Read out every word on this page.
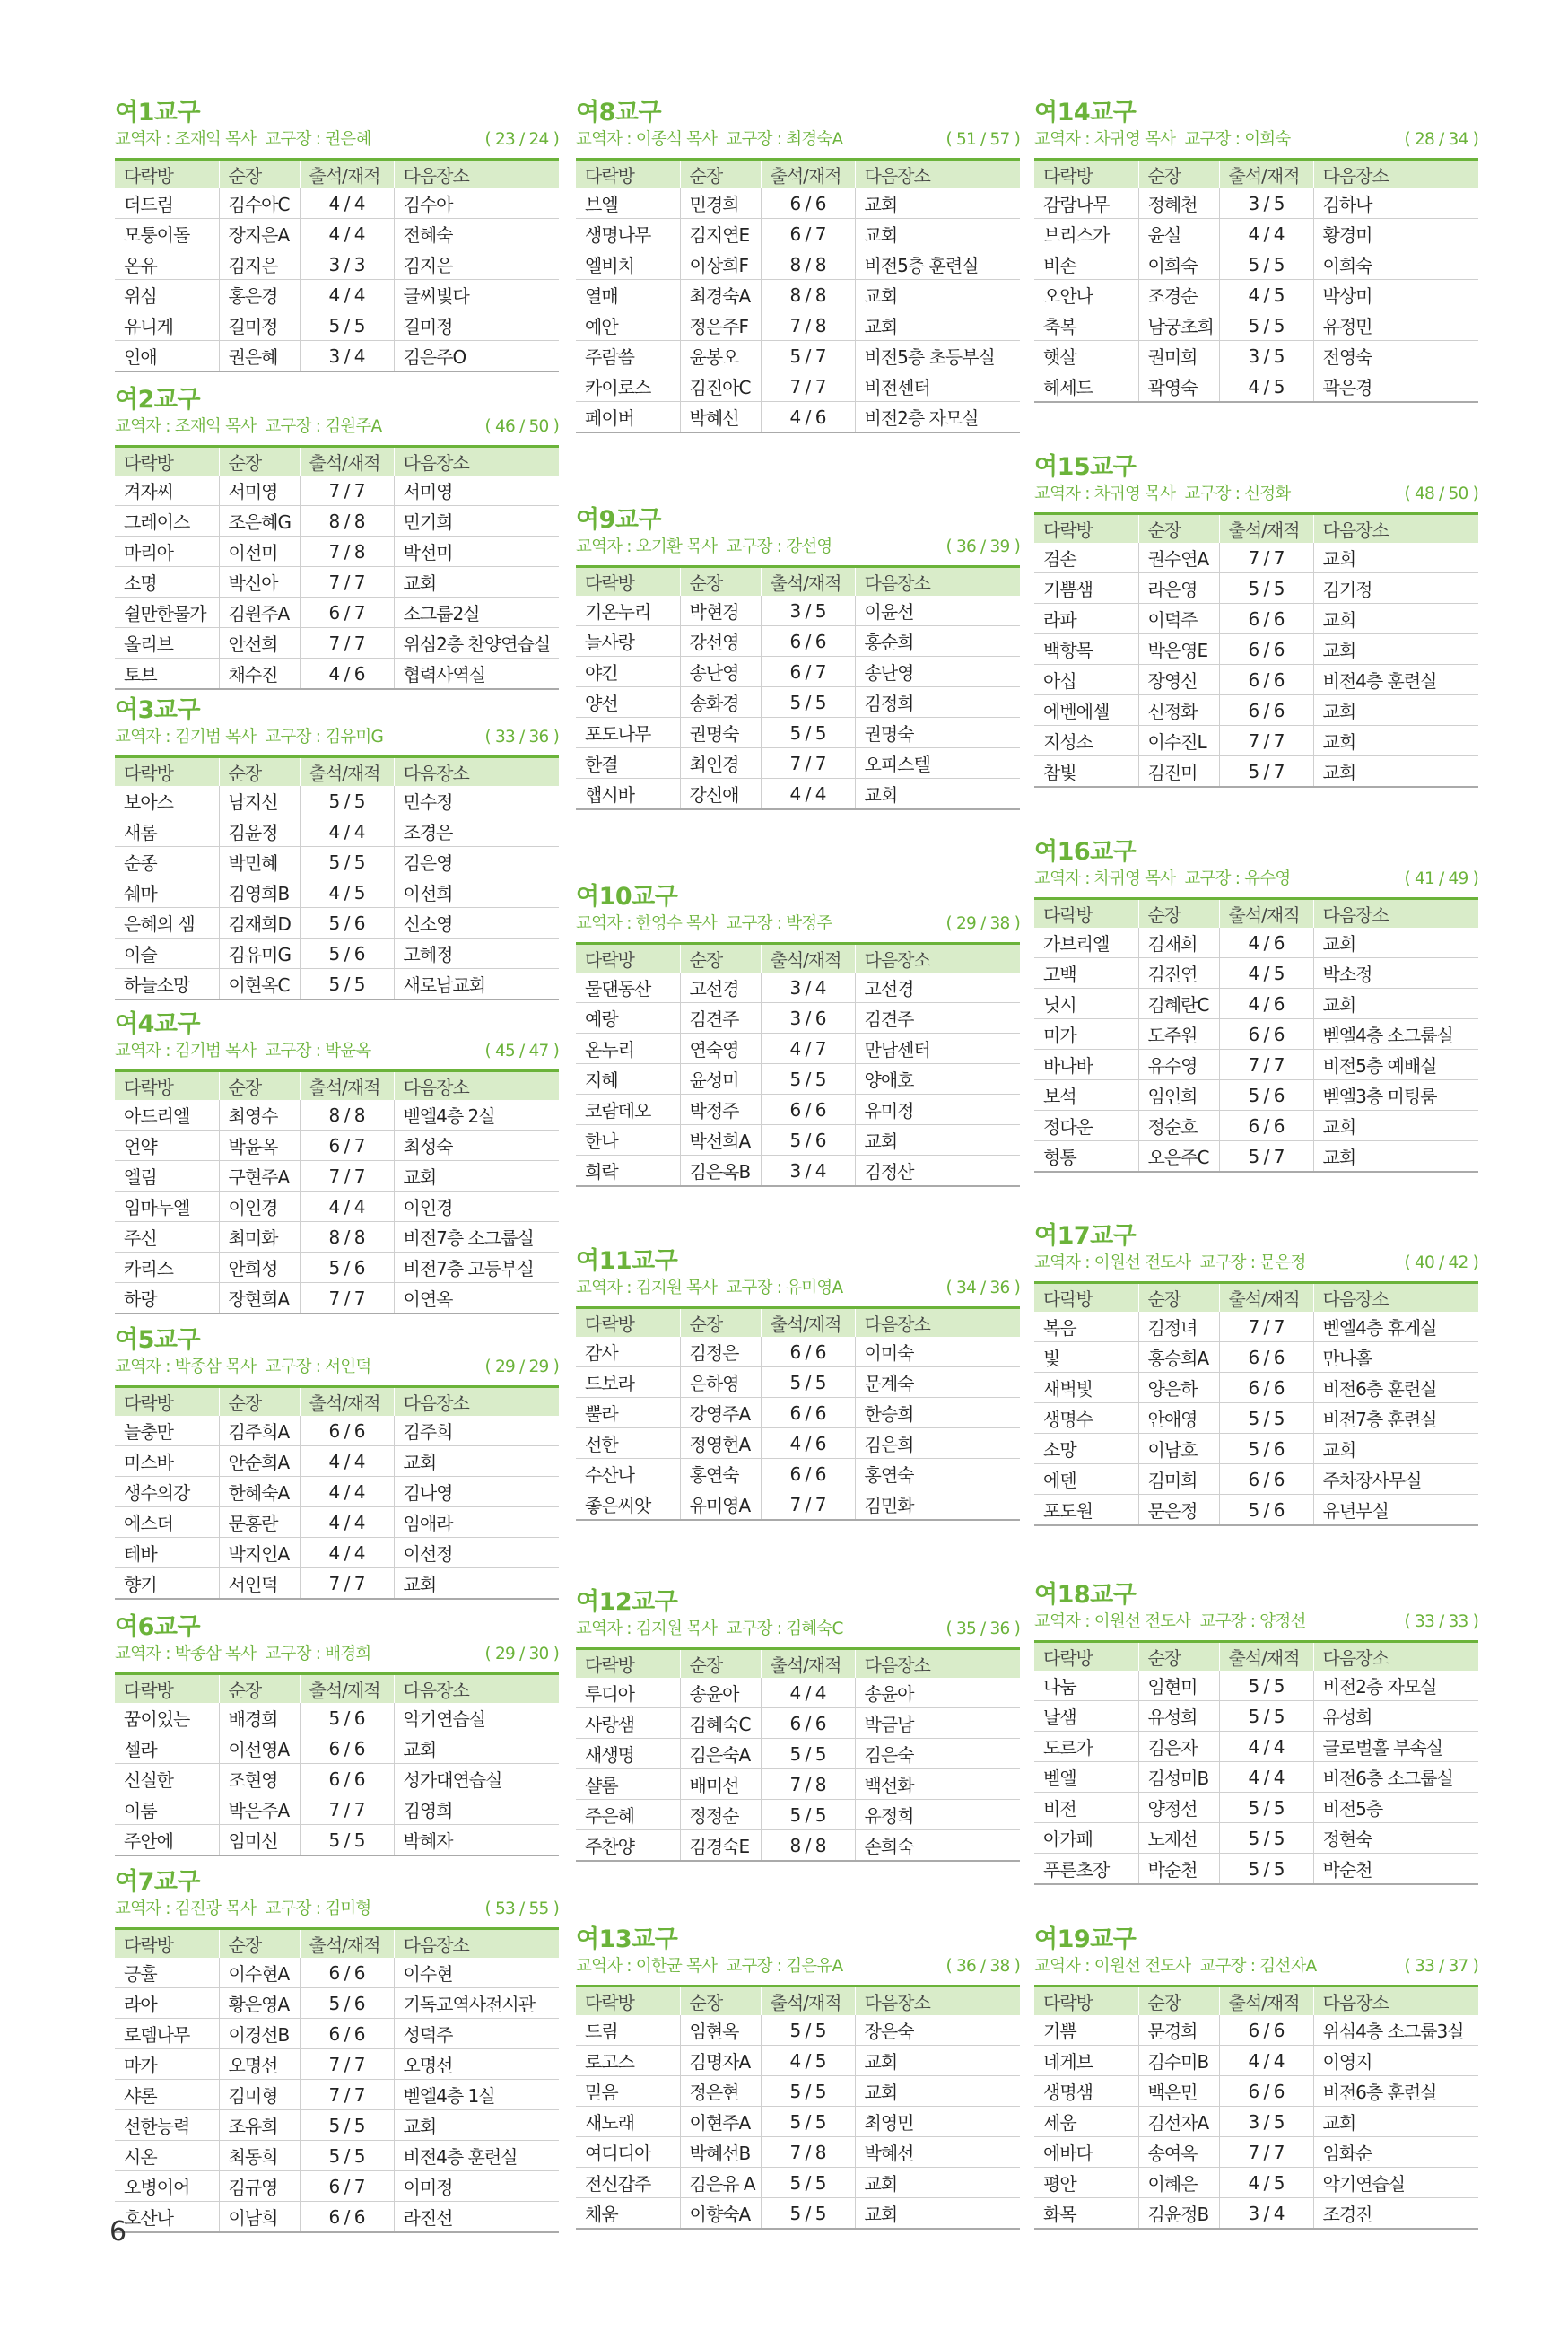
여1교구
교역자 : 조재익 목사 교구장 : 권은혜	( 23 / 24 )
다락방	순장	출석/재적	다음장소
더드림	김수아C	4 / 4	김수아
모퉁이돌	장지은A	4 / 4	전혜숙
온유	김지은	3 / 3	김지은
위심	홍은경	4 / 4	글씨빛다
유니게	길미정	5 / 5	길미정
인애	권은혜	3 / 4	김은주O
여2교구
교역자 : 조재익 목사 교구장 : 김원주A	( 46 / 50 )
다락방	순장	출석/재적	다음장소
겨자씨	서미영	7 / 7	서미영
그레이스	조은혜G	8 / 8	민기희
마리아	이선미	7 / 8	박선미
소명	박신아	7 / 7	교회
쉴만한물가	김원주A	6 / 7	소그룹2실
올리브	안선희	7 / 7	위심2층 찬양연습실
토브	채수진	4 / 6	협력사역실
여3교구
교역자 : 김기범 목사 교구장 : 김유미G	( 33 / 36 )
다락방	순장	출석/재적	다음장소
보아스	남지선	5 / 5	민수정
새롬	김윤정	4 / 4	조경은
순종	박민혜	5 / 5	김은영
쉐마	김영희B	4 / 5	이선희
은혜의 샘	김재희D	5 / 6	신소영
이슬	김유미G	5 / 6	고혜정
하늘소망	이현옥C	5 / 5	새로남교회
여4교구
교역자 : 김기범 목사 교구장 : 박윤옥	( 45 / 47 )
다락방	순장	출석/재적	다음장소
아드리엘	최영수	8 / 8	벧엘4층 2실
언약	박윤옥	6 / 7	최성숙
엘림	구현주A	7 / 7	교회
임마누엘	이인경	4 / 4	이인경
주신	최미화	8 / 8	비전7층 소그룹실
카리스	안희성	5 / 6	비전7층 고등부실
하랑	장현희A	7 / 7	이연옥
여5교구
교역자 : 박종삼 목사 교구장 : 서인덕	( 29 / 29 )
다락방	순장	출석/재적	다음장소
늘충만	김주희A	6 / 6	김주희
미스바	안순희A	4 / 4	교회
생수의강	한혜숙A	4 / 4	김나영
에스더	문홍란	4 / 4	임애라
테바	박지인A	4 / 4	이선정
향기	서인덕	7 / 7	교회
여6교구
교역자 : 박종삼 목사 교구장 : 배경희	( 29 / 30 )
다락방	순장	출석/재적	다음장소
꿈이있는	배경희	5 / 6	악기연습실
셀라	이선영A	6 / 6	교회
신실한	조현영	6 / 6	성가대연습실
이룸	박은주A	7 / 7	김영희
주안에	임미선	5 / 5	박혜자
여7교구
교역자 : 김진광 목사 교구장 : 김미형	( 53 / 55 )
다락방	순장	출석/재적	다음장소
긍휼	이수현A	6 / 6	이수현
라아	황은영A	5 / 6	기독교역사전시관
로뎀나무	이경선B	6 / 6	성덕주
마가	오명선	7 / 7	오명선
샤론	김미형	7 / 7	벧엘4층 1실
선한능력	조유희	5 / 5	교회
시온	최동희	5 / 5	비전4층 훈련실
오병이어	김규영	6 / 7	이미정
호산나	이남희	6 / 6	라진선
여8교구
교역자 : 이종석 목사 교구장 : 최경숙A	( 51 / 57 )
다락방	순장	출석/재적	다음장소
브엘	민경희	6 / 6	교회
생명나무	김지연E	6 / 7	교회
엘비치	이상희F	8 / 8	비전5층 훈련실
열매	최경숙A	8 / 8	교회
예안	정은주F	7 / 8	교회
주람씀	윤봉오	5 / 7	비전5층 초등부실
카이로스	김진아C	7 / 7	비전센터
페이버	박혜선	4 / 6	비전2층 자모실
여9교구
교역자 : 오기환 목사 교구장 : 강선영	( 36 / 39 )
다락방	순장	출석/재적	다음장소
기온누리	박현경	3 / 5	이윤선
늘사랑	강선영	6 / 6	홍순희
야긴	송난영	6 / 7	송난영
양선	송화경	5 / 5	김정희
포도나무	권명숙	5 / 5	권명숙
한결	최인경	7 / 7	오피스텔
햅시바	강신애	4 / 4	교회
여10교구
교역자 : 한영수 목사 교구장 : 박정주	( 29 / 38 )
다락방	순장	출석/재적	다음장소
물댄동산	고선경	3 / 4	고선경
예랑	김견주	3 / 6	김견주
온누리	연숙영	4 / 7	만남센터
지혜	윤성미	5 / 5	양애호
코람데오	박정주	6 / 6	유미정
한나	박선희A	5 / 6	교회
희락	김은옥B	3 / 4	김정산
여11교구
교역자 : 김지원 목사 교구장 : 유미영A	( 34 / 36 )
다락방	순장	출석/재적	다음장소
감사	김정은	6 / 6	이미숙
드보라	은하영	5 / 5	문계숙
뿔라	강영주A	6 / 6	한승희
선한	정영현A	4 / 6	김은희
수산나	홍연숙	6 / 6	홍연숙
좋은씨앗	유미영A	7 / 7	김민화
여12교구
교역자 : 김지원 목사 교구장 : 김혜숙C	( 35 / 36 )
다락방	순장	출석/재적	다음장소
루디아	송윤아	4 / 4	송윤아
사랑샘	김혜숙C	6 / 6	박금남
새생명	김은숙A	5 / 5	김은숙
샬롬	배미선	7 / 8	백선화
주은혜	정정순	5 / 5	유정희
주찬양	김경숙E	8 / 8	손희숙
여13교구
교역자 : 이한균 목사 교구장 : 김은유A	( 36 / 38 )
다락방	순장	출석/재적	다음장소
드림	임현옥	5 / 5	장은숙
로고스	김명자A	4 / 5	교회
믿음	정은현	5 / 5	교회
새노래	이현주A	5 / 5	최영민
여디디아	박혜선B	7 / 8	박혜선
전신갑주	김은유 A	5 / 5	교회
채움	이향숙A	5 / 5	교회
여14교구
교역자 : 차귀영 목사 교구장 : 이희숙	( 28 / 34 )
다락방	순장	출석/재적	다음장소
감람나무	정혜천	3 / 5	김하나
브리스가	윤설	4 / 4	황경미
비손	이희숙	5 / 5	이희숙
오안나	조경순	4 / 5	박상미
축복	남궁초희	5 / 5	유정민
햇살	권미희	3 / 5	전영숙
헤세드	곽영숙	4 / 5	곽은경
여15교구
교역자 : 차귀영 목사 교구장 : 신정화	( 48 / 50 )
다락방	순장	출석/재적	다음장소
겸손	권수연A	7 / 7	교회
기쁨샘	라은영	5 / 5	김기정
라파	이덕주	6 / 6	교회
백향목	박은영E	6 / 6	교회
아십	장영신	6 / 6	비전4층 훈련실
에벤에셀	신정화	6 / 6	교회
지성소	이수진L	7 / 7	교회
참빛	김진미	5 / 7	교회
여16교구
교역자 : 차귀영 목사 교구장 : 유수영	( 41 / 49 )
다락방	순장	출석/재적	다음장소
가브리엘	김재희	4 / 6	교회
고백	김진연	4 / 5	박소정
닛시	김혜란C	4 / 6	교회
미가	도주원	6 / 6	벧엘4층 소그룹실
바나바	유수영	7 / 7	비전5층 예배실
보석	임인희	5 / 6	벧엘3층 미팅룸
정다운	정순호	6 / 6	교회
형통	오은주C	5 / 7	교회
여17교구
교역자 : 이원선 전도사 교구장 : 문은정	( 40 / 42 )
다락방	순장	출석/재적	다음장소
복음	김정녀	7 / 7	벧엘4층 휴게실
빛	홍승희A	6 / 6	만나홀
새벽빛	양은하	6 / 6	비전6층 훈련실
생명수	안애영	5 / 5	비전7층 훈련실
소망	이남호	5 / 6	교회
에덴	김미희	6 / 6	주차장사무실
포도원	문은정	5 / 6	유년부실
여18교구
교역자 : 이원선 전도사 교구장 : 양정선	( 33 / 33 )
다락방	순장	출석/재적	다음장소
나눔	임현미	5 / 5	비전2층 자모실
날샘	유성희	5 / 5	유성희
도르가	김은자	4 / 4	글로벌홀 부속실
벧엘	김성미B	4 / 4	비전6층 소그룹실
비전	양정선	5 / 5	비전5층
아가페	노재선	5 / 5	정현숙
푸른초장	박순천	5 / 5	박순천
여19교구
교역자 : 이원선 전도사 교구장 : 김선자A	( 33 / 37 )
다락방	순장	출석/재적	다음장소
기쁨	문경희	6 / 6	위심4층 소그룹3실
네게브	김수미B	4 / 4	이영지
생명샘	백은민	6 / 6	비전6층 훈련실
세움	김선자A	3 / 5	교회
에바다	송여옥	7 / 7	임화순
평안	이혜은	4 / 5	악기연습실
화목	김윤정B	3 / 4	조경진
6
